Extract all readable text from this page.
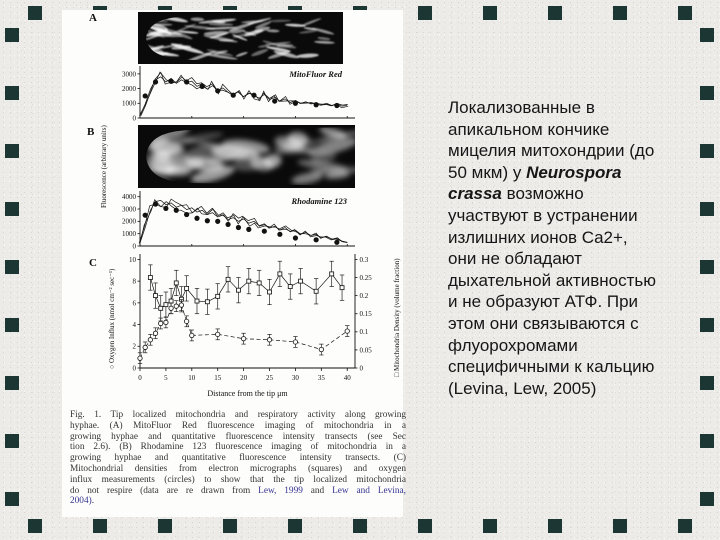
A
B
C
MitoFluor Red
Rhodamine 123
0
1000
2000
3000
0
1000
2000
3000
4000
0
2
4
6
8
10
0
0.05
0.1
0.15
0.2
0.25
0.3
0	5	10	15	20	25	30	35	40
Distance from the tip μm
Fluorescence (arbitrary units)
○ Oxygen Influx (nmol cm⁻² sec⁻¹)	□ Mitochondria Density (volume fraction)
Fig. 1. Tip localized mitochondria and respiratory activity along growing
hyphae. (A) MitoFluor Red fluorescence imaging of mitochondria in a
growing hyphae and quantitative fluorescence intensity transects (see Sec
tion 2.6). (B) Rhodamine 123 fluorescence imaging of mitochondria in a
growing hyphae and quantitative fluorescence intensity transects. (C)
Mitochondrial densities from electron micrographs (squares) and oxygen
influx measurements (circles) to show that the tip localized mitochondria
do not respire (data are re drawn from Lew, 1999 and Lew and Levina,
2004).
Локализованные в
апикальном кончике
мицелия митохондрии (до
50 мкм) у Neurospora
crassa возможно
участвуют в устранении
излишних ионов Ca2+,
они не обладают
дыхательной активностью
и не образуют АТФ. При
этом они связываются с
флуорохромами
специфичными к кальцию
(Levina, Lew, 2005)
